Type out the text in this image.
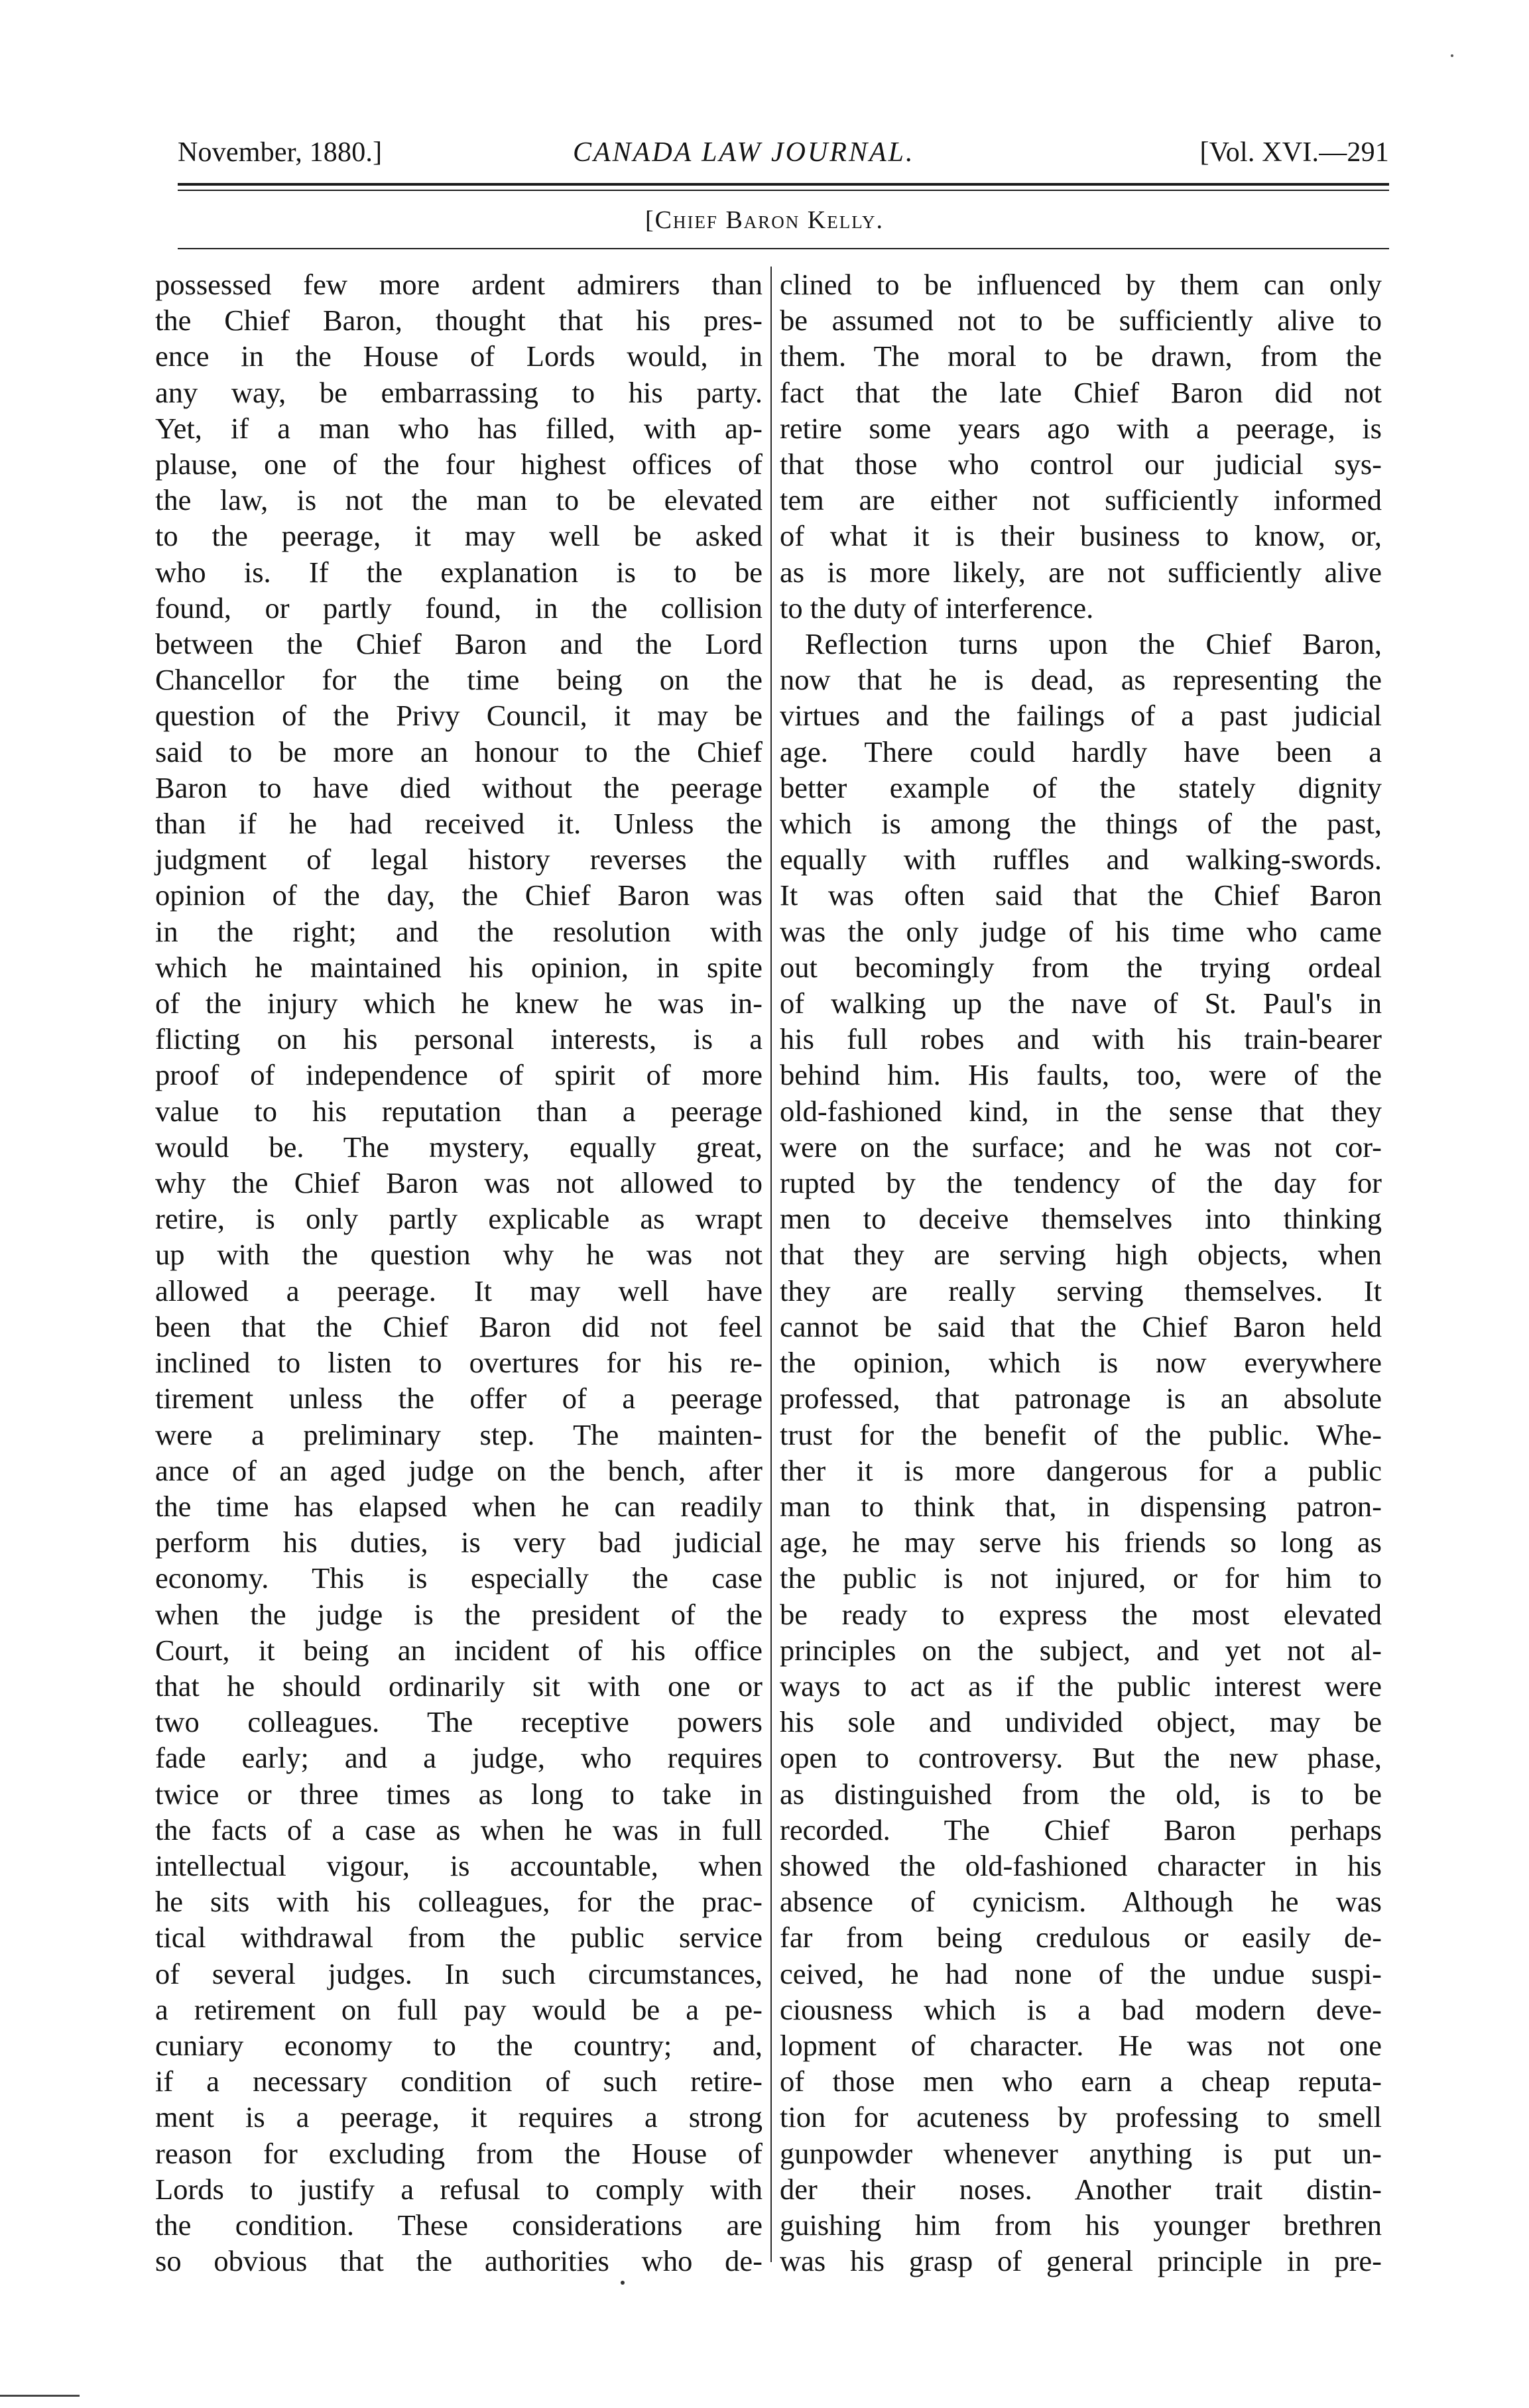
November, 1880.]	CANADA LAW JOURNAL.	[Vol. XVI.—291
[Chief Baron Kelly.
possessed few more ardent admirers than
the Chief Baron, thought that his pres-
ence in the House of Lords would, in
any way, be embarrassing to his party.
Yet, if a man who has filled, with ap-
plause, one of the four highest offices of
the law, is not the man to be elevated
to the peerage, it may well be asked
who is. If the explanation is to be
found, or partly found, in the collision
between the Chief Baron and the Lord
Chancellor for the time being on the
question of the Privy Council, it may be
said to be more an honour to the Chief
Baron to have died without the peerage
than if he had received it. Unless the
judgment of legal history reverses the
opinion of the day, the Chief Baron was
in the right; and the resolution with
which he maintained his opinion, in spite
of the injury which he knew he was in-
flicting on his personal interests, is a
proof of independence of spirit of more
value to his reputation than a peerage
would be. The mystery, equally great,
why the Chief Baron was not allowed to
retire, is only partly explicable as wrapt
up with the question why he was not
allowed a peerage. It may well have
been that the Chief Baron did not feel
inclined to listen to overtures for his re-
tirement unless the offer of a peerage
were a preliminary step. The mainten-
ance of an aged judge on the bench, after
the time has elapsed when he can readily
perform his duties, is very bad judicial
economy. This is especially the case
when the judge is the president of the
Court, it being an incident of his office
that he should ordinarily sit with one or
two colleagues. The receptive powers
fade early; and a judge, who requires
twice or three times as long to take in
the facts of a case as when he was in full
intellectual vigour, is accountable, when
he sits with his colleagues, for the prac-
tical withdrawal from the public service
of several judges. In such circumstances,
a retirement on full pay would be a pe-
cuniary economy to the country; and,
if a necessary condition of such retire-
ment is a peerage, it requires a strong
reason for excluding from the House of
Lords to justify a refusal to comply with
the condition. These considerations are
so obvious that the authorities who de-
clined to be influenced by them can only
be assumed not to be sufficiently alive to
them. The moral to be drawn, from the
fact that the late Chief Baron did not
retire some years ago with a peerage, is
that those who control our judicial sys-
tem are either not sufficiently informed
of what it is their business to know, or,
as is more likely, are not sufficiently alive
to the duty of interference.
Reflection turns upon the Chief Baron,
now that he is dead, as representing the
virtues and the failings of a past judicial
age. There could hardly have been a
better example of the stately dignity
which is among the things of the past,
equally with ruffles and walking-swords.
It was often said that the Chief Baron
was the only judge of his time who came
out becomingly from the trying ordeal
of walking up the nave of St. Paul's in
his full robes and with his train-bearer
behind him. His faults, too, were of the
old-fashioned kind, in the sense that they
were on the surface; and he was not cor-
rupted by the tendency of the day for
men to deceive themselves into thinking
that they are serving high objects, when
they are really serving themselves. It
cannot be said that the Chief Baron held
the opinion, which is now everywhere
professed, that patronage is an absolute
trust for the benefit of the public. Whe-
ther it is more dangerous for a public
man to think that, in dispensing patron-
age, he may serve his friends so long as
the public is not injured, or for him to
be ready to express the most elevated
principles on the subject, and yet not al-
ways to act as if the public interest were
his sole and undivided object, may be
open to controversy. But the new phase,
as distinguished from the old, is to be
recorded. The Chief Baron perhaps
showed the old-fashioned character in his
absence of cynicism. Although he was
far from being credulous or easily de-
ceived, he had none of the undue suspi-
ciousness which is a bad modern deve-
lopment of character. He was not one
of those men who earn a cheap reputa-
tion for acuteness by professing to smell
gunpowder whenever anything is put un-
der their noses. Another trait distin-
guishing him from his younger brethren
was his grasp of general principle in pre-
